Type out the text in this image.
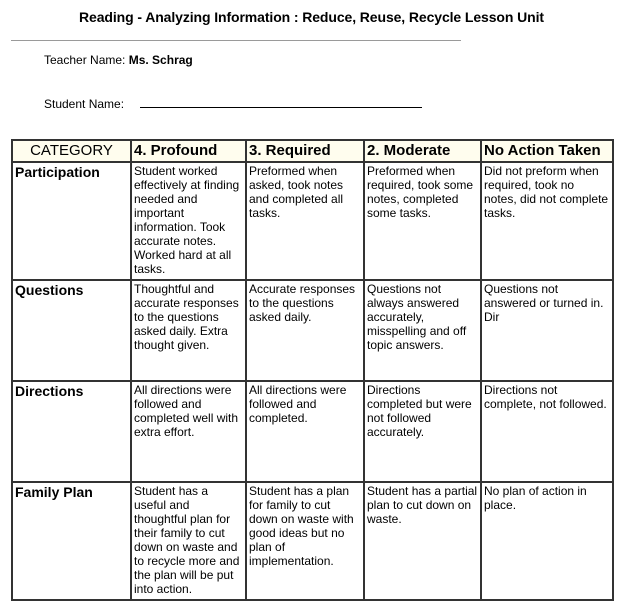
Reading - Analyzing Information : Reduce, Reuse, Recycle Lesson Unit
Teacher Name: Ms. Schrag
Student Name:
CATEGORY	4. Profound	3. Required	2. Moderate	No Action Taken
Participation	Student worked effectively at finding needed and important information. Took accurate notes. Worked hard at all tasks.	Preformed when asked, took notes and completed all tasks.	Preformed when required, took some notes, completed some tasks.	Did not preform when required, took no notes, did not complete tasks.
Questions	Thoughtful and accurate responses to the questions asked daily. Extra thought given.	Accurate responses to the questions asked daily.	Questions not always answered accurately, misspelling and off topic answers.	Questions not answered or turned in. Dir
Directions	All directions were followed and completed well with extra effort.	All directions were followed and completed.	Directions completed but were not followed accurately.	Directions not complete, not followed.
Family Plan	Student has a useful and thoughtful plan for their family to cut down on waste and to recycle more and the plan will be put into action.	Student has a plan for family to cut down on waste with good ideas but no plan of implementation.	Student has a partial plan to cut down on waste.	No plan of action in place.
